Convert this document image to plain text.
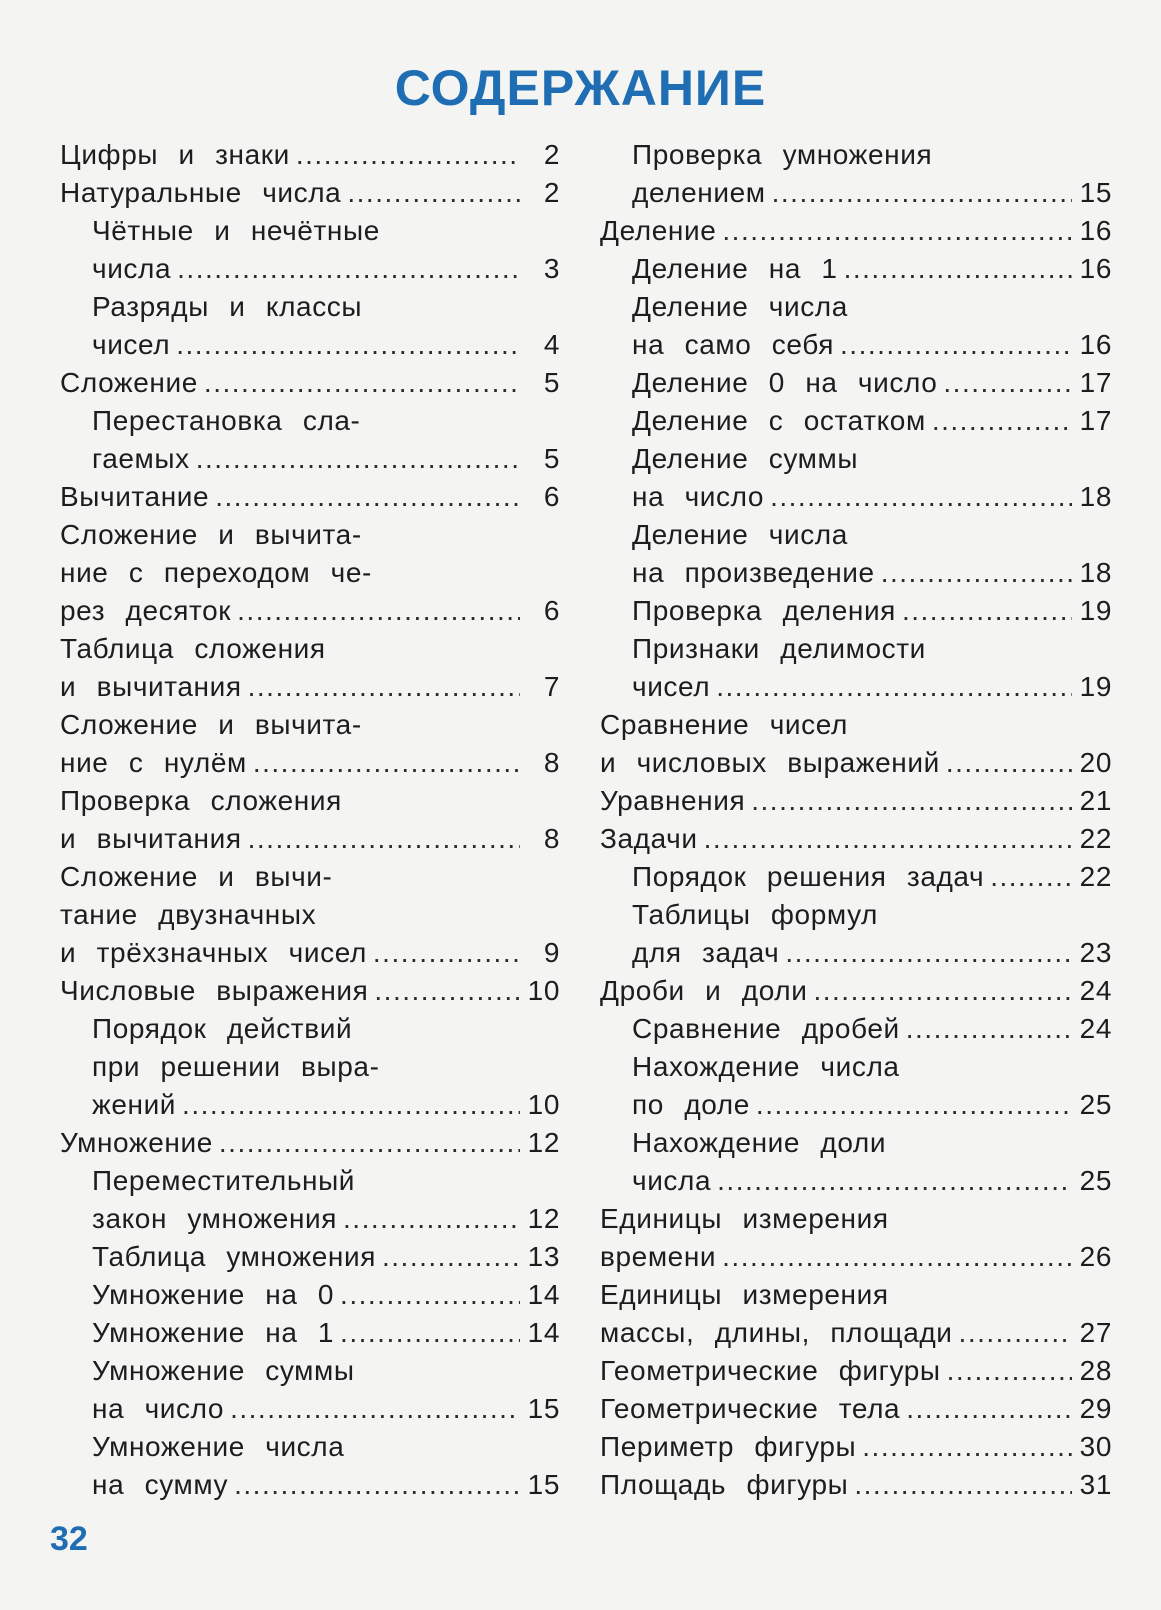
СОДЕРЖАНИЕ
Цифры и знаки .....	2
Натуральные числа .....	2
Чётные и нечётные
числа .....	3
Разряды и классы
чисел .....	4
Сложение .....	5
Перестановка сла-
гаемых .....	5
Вычитание .....	6
Сложение и вычита-
ние с переходом че-
рез десяток .....	6
Таблица сложения
и вычитания .....	7
Сложение и вычита-
ние с нулём .....	8
Проверка сложения
и вычитания .....	8
Сложение и вычи-
тание двузначных
и трёхзначных чисел .....	9
Числовые выражения .....	10
Порядок действий
при решении выра-
жений .....	10
Умножение .....	12
Переместительный
закон умножения .....	12
Таблица умножения .....	13
Умножение на 0 .....	14
Умножение на 1 .....	14
Умножение суммы
на число .....	15
Умножение числа
на сумму .....	15
Проверка умножения
делением .....	15
Деление .....	16
Деление на 1 .....	16
Деление числа
на само себя .....	16
Деление 0 на число .....	17
Деление с остатком .....	17
Деление суммы
на число .....	18
Деление числа
на произведение .....	18
Проверка деления .....	19
Признаки делимости
чисел .....	19
Сравнение чисел
и числовых выражений .....	20
Уравнения .....	21
Задачи .....	22
Порядок решения задач .....	22
Таблицы формул
для задач .....	23
Дроби и доли .....	24
Сравнение дробей .....	24
Нахождение числа
по доле .....	25
Нахождение доли
числа .....	25
Единицы измерения
времени .....	26
Единицы измерения
массы, длины, площади .....	27
Геометрические фигуры .....	28
Геометрические тела .....	29
Периметр фигуры .....	30
Площадь фигуры .....	31
32
